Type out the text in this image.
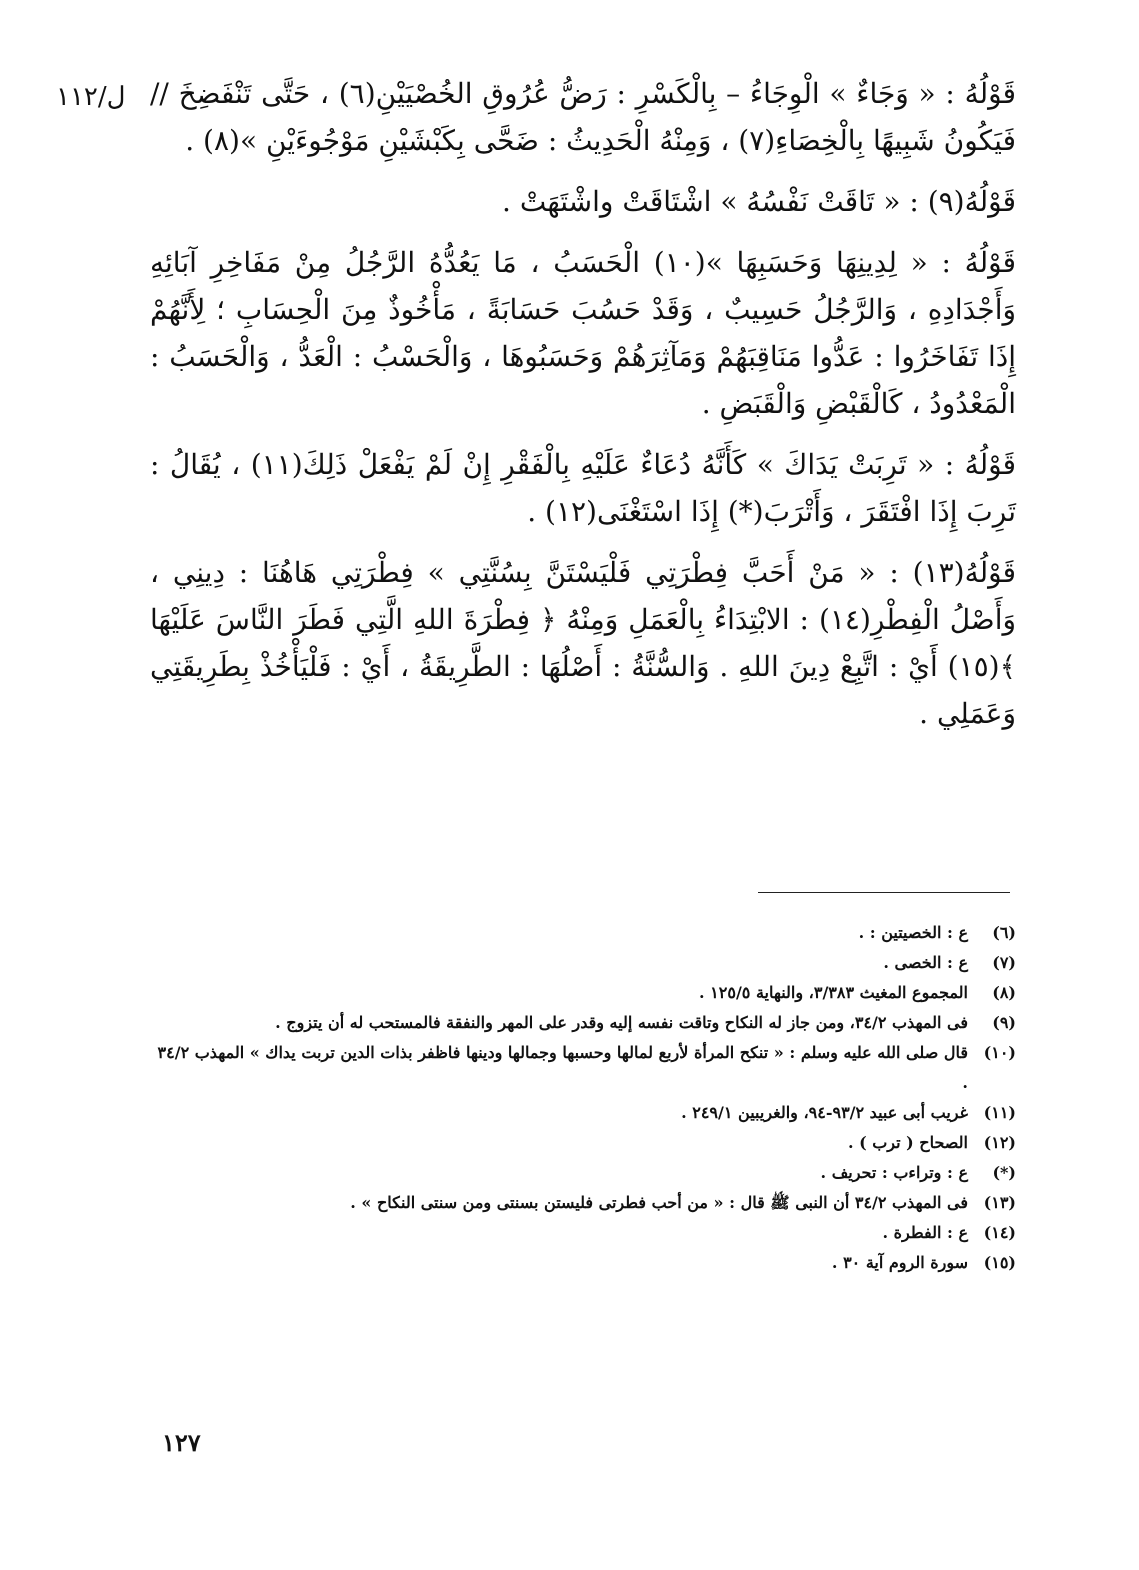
ل/١١٢ قَوْلُهُ : « وَجَاءٌ » الْوِجَاءُ – بِالْكَسْرِ : رَضُّ عُرُوقِ الخُصْيَيْنِ(٦) ، حَتَّى تَنْفَضِخَ // فَيَكُونُ شَبِيهًا بِالْخِصَاءِ(٧) ، وَمِنْهُ الْحَدِيثُ : ضَحَّى بِكَبْشَيْنِ مَوْجُوءَيْنِ »(٨) .

قَوْلُهُ(٩) : « تَاقَتْ نَفْسُهُ » اشْتَاقَتْ واشْتَهَتْ .

قَوْلُهُ : « لِدِينِهَا وَحَسَبِهَا »(١٠) الْحَسَبُ ، مَا يَعُدُّهُ الرَّجُلُ مِنْ مَفَاخِرِ آبَائِهِ وَأَجْدَادِهِ ، وَالرَّجُلُ حَسِيبٌ ، وَقَدْ حَسُبَ حَسَابَةً ، مَأْخُوذٌ مِنَ الْحِسَابِ ؛ لِأَنَّهُمْ إِذَا تَفَاخَرُوا : عَدُّوا مَنَاقِبَهُمْ وَمَآثِرَهُمْ وَحَسَبُوهَا ، وَالْحَسْبُ : الْعَدُّ ، وَالْحَسَبُ : الْمَعْدُودُ ، كَالْقَبْضِ وَالْقَبَضِ .

قَوْلُهُ : « تَرِبَتْ يَدَاكَ » كَأَنَّهُ دُعَاءٌ عَلَيْهِ بِالْفَقْرِ إِنْ لَمْ يَفْعَلْ ذَلِكَ(١١) ، يُقَالُ : تَرِبَ إِذَا افْتَقَرَ ، وَأَتْرَبَ(*) إِذَا اسْتَغْنَى(١٢) .

قَوْلُهُ(١٣) : « مَنْ أَحَبَّ فِطْرَتِي فَلْيَسْتَنَّ بِسُنَّتِي » فِطْرَتِي هَاهُنَا : دِينِي ، وَأَصْلُ الْفِطْرِ(١٤) : الابْتِدَاءُ بِالْعَمَلِ وَمِنْهُ ﴿ فِطْرَةَ اللهِ الَّتِي فَطَرَ النَّاسَ عَلَيْهَا ﴾(١٥) أَيْ : اتَّبِعْ دِينَ اللهِ . وَالسُّنَّةُ : أَصْلُهَا : الطَّرِيقَةُ ، أَيْ : فَلْيَأْخُذْ بِطَرِيقَتِي وَعَمَلِي .

(٦)
ع : الخصيتين : .
(٧)
ع : الخصى .
(٨)
المجموع المغيث ٣/٣٨٣، والنهاية ١٢٥/٥ .
(٩)
فى المهذب ٣٤/٢، ومن جاز له النكاح وتاقت نفسه إليه وقدر على المهر والنفقة فالمستحب له أن يتزوج .
(١٠)
قال صلى الله عليه وسلم : « تنكح المرأة لأربع لمالها وحسبها وجمالها ودينها فاظفر بذات الدين تربت يداك » المهذب ٣٤/٢ .
(١١)
غريب أبى عبيد ٩٣/٢-٩٤، والغريبين ٢٤٩/١ .
(١٢)
الصحاح ( ترب ) .
(*)
ع : وتراءب : تحريف .
(١٣)
فى المهذب ٣٤/٢ أن النبى ﷺ قال : « من أحب فطرتى فليستن بسنتى ومن سنتى النكاح » .
(١٤)
ع : الفطرة .
(١٥)
سورة الروم آية ٣٠ .
١٢٧
